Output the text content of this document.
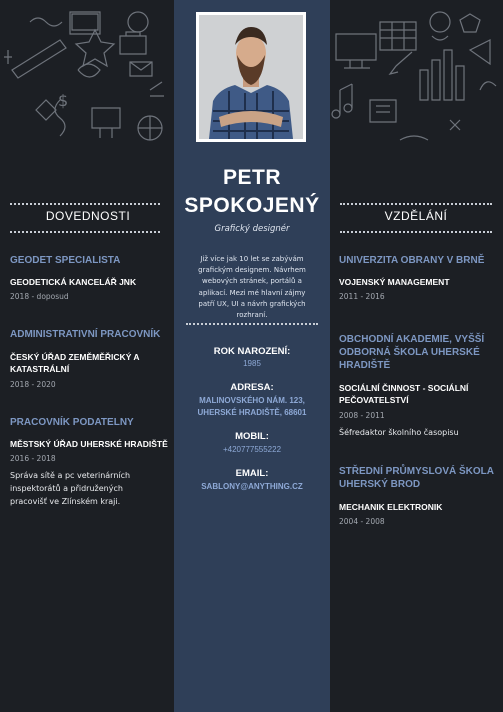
$
PETR
SPOKOJENÝ
Grafický designér
Již více jak 10 let se zabývám grafickým designem. Návrhem webových stránek, portálů a aplikací. Mezi mé hlavní zájmy patří UX, UI a návrh grafických rozhraní.
ROK NAROZENÍ:
1985
ADRESA:
MALINOVSKÉHO NÁM. 123,
UHERSKÉ HRADIŠTĚ, 68601
MOBIL:
+420777555222
EMAIL:
SABLONY@ANYTHING.CZ
DOVEDNOSTI
GEODET SPECIALISTA
GEODETICKÁ KANCELÁŘ JNK
2018 - doposud
ADMINISTRATIVNÍ PRACOVNÍK
ČESKÝ ÚŘAD ZEMĚMĚŘICKÝ A
KATASTRÁLNÍ
2018 - 2020
PRACOVNÍK PODATELNY
MĚSTSKÝ ÚŘAD UHERSKÉ HRADIŠTĚ
2016 - 2018
Správa sítě a pc veterinárních
inspektorátů a přidružených
pracovišť ve Zlínském kraji.
VZDĚLÁNÍ
UNIVERZITA OBRANY V BRNĚ
VOJENSKÝ MANAGEMENT
2011 - 2016
OBCHODNÍ AKADEMIE, VYŠŠÍ
ODBORNÁ ŠKOLA UHERSKÉ
HRADIŠTĚ
SOCIÁLNÍ ČINNOST - SOCIÁLNÍ
PEČOVATELSTVÍ
2008 - 2011
Šéfredaktor školního časopisu
STŘEDNÍ PRŮMYSLOVÁ ŠKOLA
UHERSKÝ BROD
MECHANIK ELEKTRONIK
2004 - 2008
